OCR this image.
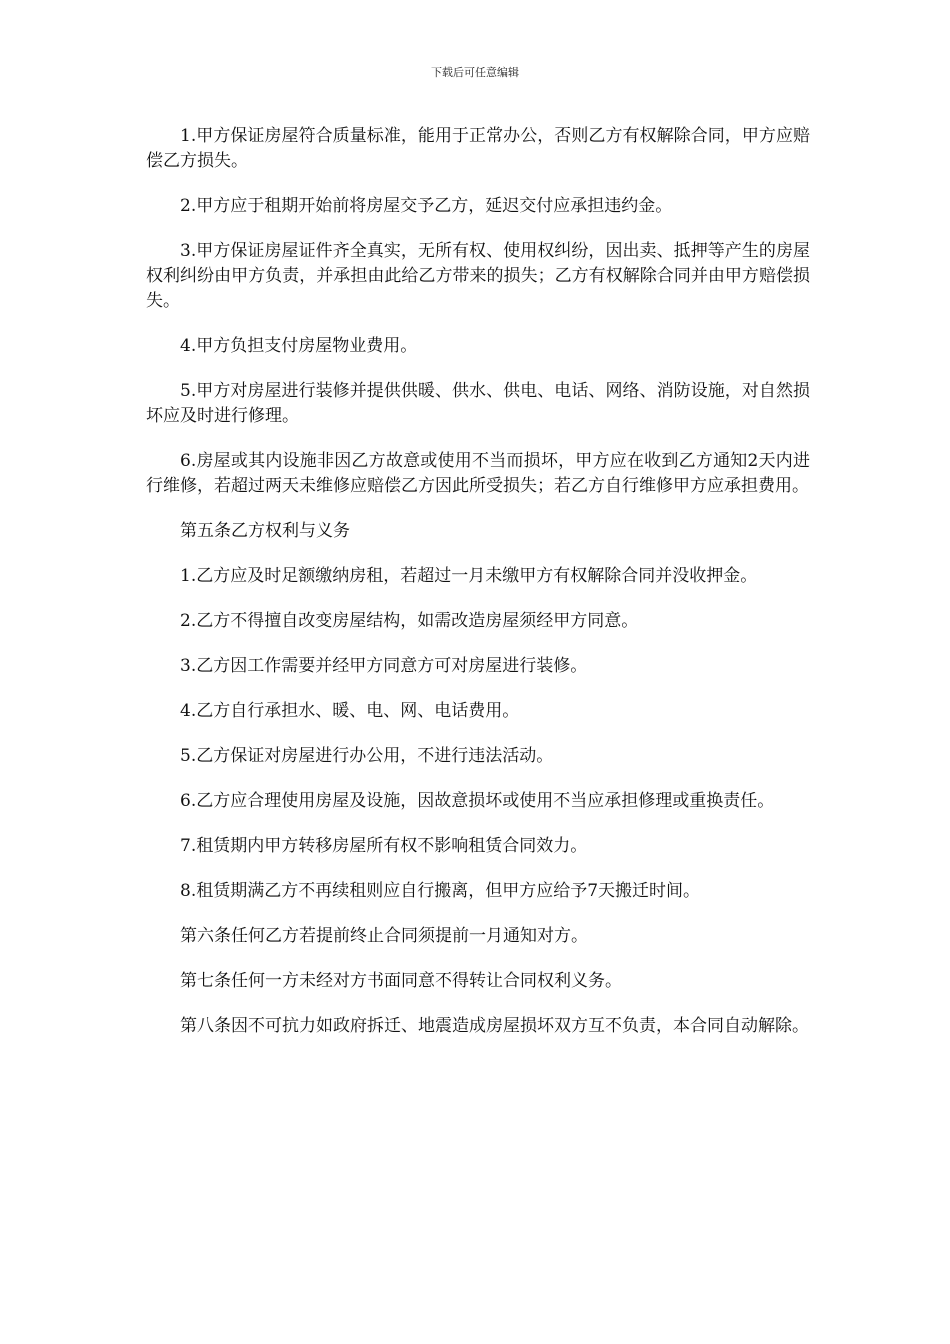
下载后可任意编辑

1.甲方保证房屋符合质量标准，能用于正常办公，否则乙方有权解除合同，甲方应赔偿乙方损失。

2.甲方应于租期开始前将房屋交予乙方，延迟交付应承担违约金。

3.甲方保证房屋证件齐全真实，无所有权、使用权纠纷，因出卖、抵押等产生的房屋权利纠纷由甲方负责，并承担由此给乙方带来的损失；乙方有权解除合同并由甲方赔偿损失。

4.甲方负担支付房屋物业费用。

5.甲方对房屋进行装修并提供供暖、供水、供电、电话、网络、消防设施，对自然损坏应及时进行修理。

6.房屋或其内设施非因乙方故意或使用不当而损坏，甲方应在收到乙方通知2天内进行维修，若超过两天未维修应赔偿乙方因此所受损失；若乙方自行维修甲方应承担费用。

第五条乙方权利与义务

1.乙方应及时足额缴纳房租，若超过一月未缴甲方有权解除合同并没收押金。

2.乙方不得擅自改变房屋结构，如需改造房屋须经甲方同意。

3.乙方因工作需要并经甲方同意方可对房屋进行装修。

4.乙方自行承担水、暖、电、网、电话费用。

5.乙方保证对房屋进行办公用，不进行违法活动。

6.乙方应合理使用房屋及设施，因故意损坏或使用不当应承担修理或重换责任。

7.租赁期内甲方转移房屋所有权不影响租赁合同效力。

8.租赁期满乙方不再续租则应自行搬离，但甲方应给予7天搬迁时间。

第六条任何乙方若提前终止合同须提前一月通知对方。

第七条任何一方未经对方书面同意不得转让合同权利义务。

第八条因不可抗力如政府拆迁、地震造成房屋损坏双方互不负责，本合同自动解除。
